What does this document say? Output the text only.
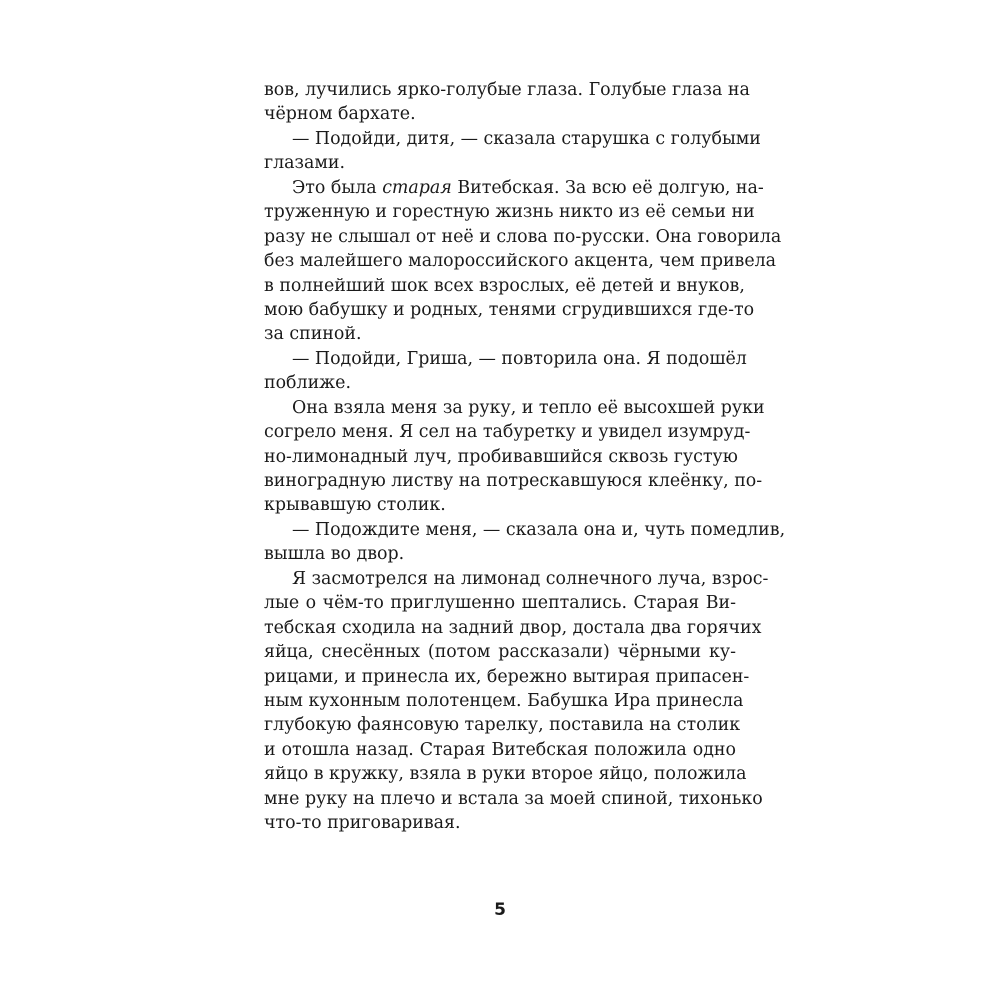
вов, лучились ярко-голубые глаза. Голубые глаза на
чёрном бархате.
— Подойди, дитя, — сказала старушка с голубыми
глазами.
Это была старая Витебская. За всю её долгую, на-
труженную и горестную жизнь никто из её семьи ни
разу не слышал от неё и слова по-русски. Она говорила
без малейшего малороссийского акцента, чем привела
в полнейший шок всех взрослых, её детей и внуков,
мою бабушку и родных, тенями сгрудившихся где-то
за спиной.
— Подойди, Гриша, — повторила она. Я подошёл
поближе.
Она взяла меня за руку, и тепло её высохшей руки
согрело меня. Я сел на табуретку и увидел изумруд-
но-лимонадный луч, пробивавшийся сквозь густую
виноградную листву на потрескавшуюся клеёнку, по-
крывавшую столик.
— Подождите меня, — сказала она и, чуть помедлив,
вышла во двор.
Я засмотрелся на лимонад солнечного луча, взрос-
лые о чём-то приглушенно шептались. Старая Ви-
тебская сходила на задний двор, достала два горячих
яйца, снесённых (потом рассказали) чёрными ку-
рицами, и принесла их, бережно вытирая припасен-
ным кухонным полотенцем. Бабушка Ира принесла
глубокую фаянсовую тарелку, поставила на столик
и отошла назад. Старая Витебская положила одно
яйцо в кружку, взяла в руки второе яйцо, положила
мне руку на плечо и встала за моей спиной, тихонько
что-то приговаривая.
5
